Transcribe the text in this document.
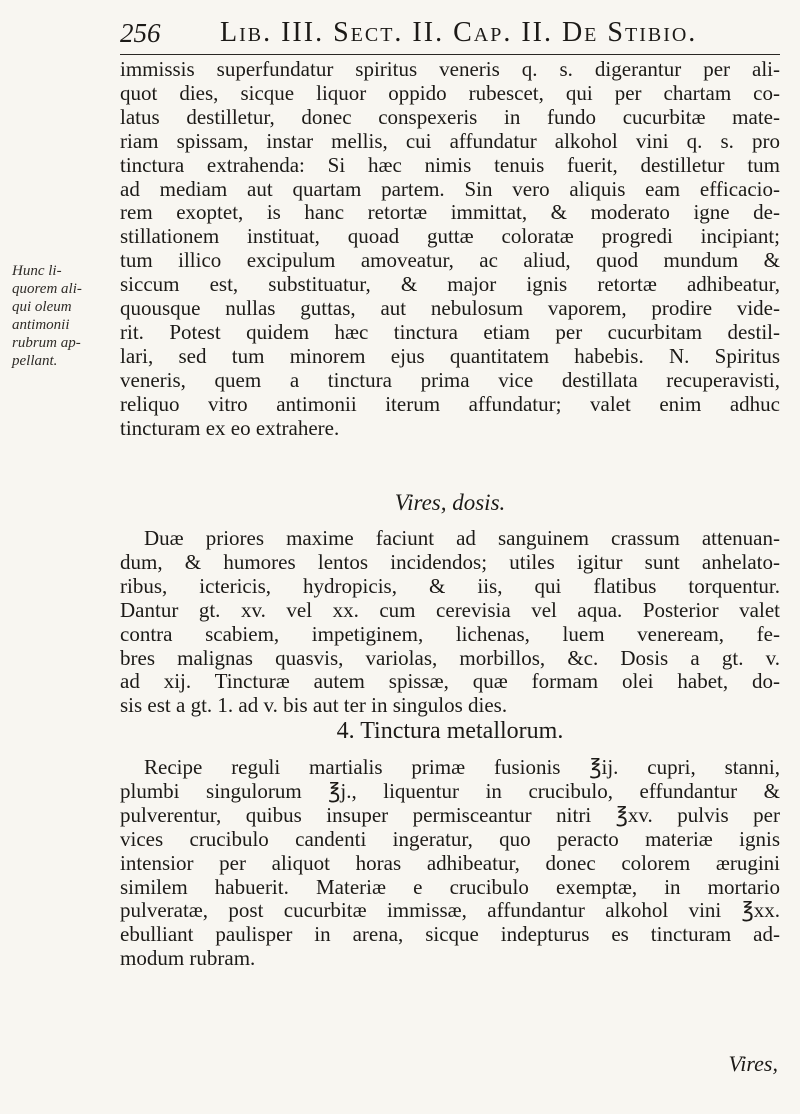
256 Lib. III. Sect. II. Cap. II. De Stibio.
Hunc li-
quorem ali-
qui oleum
antimonii
rubrum ap-
pellant.
immissis superfundatur spiritus veneris q. s. digerantur per ali-
quot dies, sicque liquor oppido rubescet, qui per chartam co-
latus destilletur, donec conspexeris in fundo cucurbitæ mate-
riam spissam, instar mellis, cui affundatur alkohol vini q. s. pro
tinctura extrahenda: Si hæc nimis tenuis fuerit, destilletur tum
ad mediam aut quartam partem. Sin vero aliquis eam efficacio-
rem exoptet, is hanc retortæ immittat, & moderato igne de-
stillationem instituat, quoad guttæ coloratæ progredi incipiant;
tum illico excipulum amoveatur, ac aliud, quod mundum &
siccum est, substituatur, & major ignis retortæ adhibeatur,
quousque nullas guttas, aut nebulosum vaporem, prodire vide-
rit. Potest quidem hæc tinctura etiam per cucurbitam destil-
lari, sed tum minorem ejus quantitatem habebis. N. Spiritus
veneris, quem a tinctura prima vice destillata recuperavisti,
reliquo vitro antimonii iterum affundatur; valet enim adhuc
tincturam ex eo extrahere.
Vires, dosis.
Duæ priores maxime faciunt ad sanguinem crassum attenuan-
dum, & humores lentos incidendos; utiles igitur sunt anhelato-
ribus, ictericis, hydropicis, & iis, qui flatibus torquentur.
Dantur gt. xv. vel xx. cum cerevisia vel aqua. Posterior valet
contra scabiem, impetiginem, lichenas, luem veneream, fe-
bres malignas quasvis, variolas, morbillos, &c. Dosis a gt. v.
ad xij. Tincturæ autem spissæ, quæ formam olei habet, do-
sis est a gt. 1. ad v. bis aut ter in singulos dies.
4. Tinctura metallorum.
Recipe reguli martialis primæ fusionis ℥ij. cupri, stanni,
plumbi singulorum ℥j., liquentur in crucibulo, effundantur &
pulverentur, quibus insuper permisceantur nitri ℥xv. pulvis per
vices crucibulo candenti ingeratur, quo peracto materiæ ignis
intensior per aliquot horas adhibeatur, donec colorem ærugini
similem habuerit. Materiæ e crucibulo exemptæ, in mortario
pulveratæ, post cucurbitæ immissæ, affundantur alkohol vini ℥xx.
ebulliant paulisper in arena, sicque indepturus es tincturam ad-
modum rubram.
Vires,
